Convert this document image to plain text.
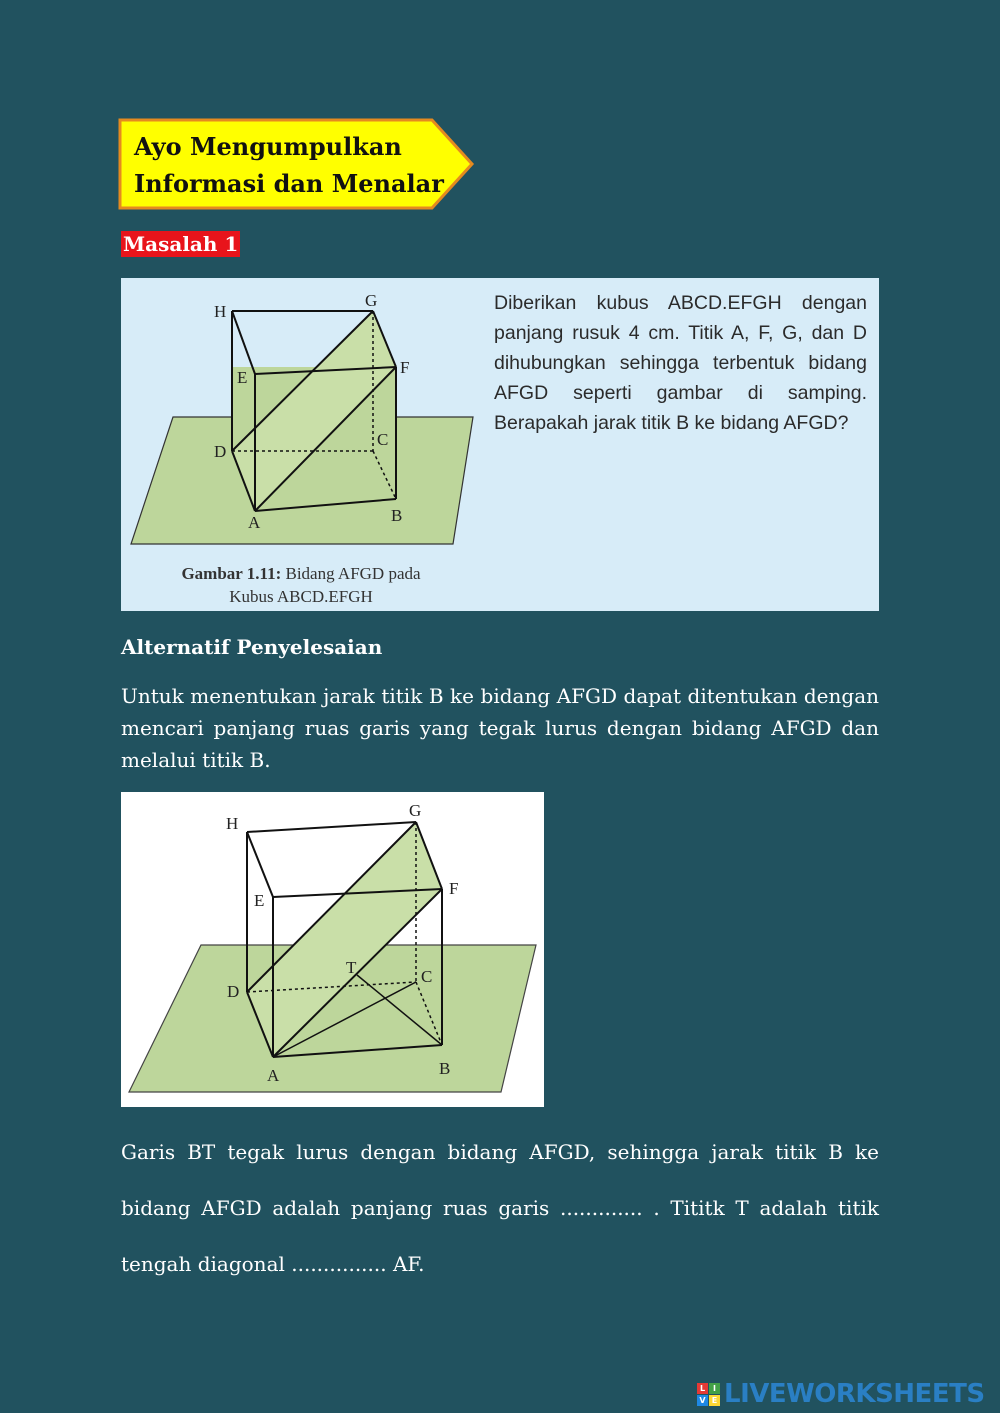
Ayo Mengumpulkan
Informasi dan Menalar
Masalah 1
H
G
E
F
D
C
A	B
Gambar 1.11: Bidang AFGD pada
Kubus ABCD.EFGH
Diberikan kubus ABCD.EFGH dengan panjang rusuk 4 cm. Titik A, F, G, dan D dihubungkan sehingga terbentuk bidang AFGD seperti gambar di samping. Berapakah jarak titik B ke bidang AFGD?
Alternatif Penyelesaian
Untuk menentukan jarak titik B ke bidang AFGD dapat ditentukan dengan mencari panjang ruas garis yang tegak lurus dengan bidang AFGD dan melalui titik B.
H
G
E
F
T
D
C
A	B
Garis BT tegak lurus dengan bidang AFGD, sehingga jarak titik B ke bidang AFGD adalah panjang ruas garis ............. . Tititk T adalah titik tengah diagonal ............... AF.
L I
V E LIVEWORKSHEETS
